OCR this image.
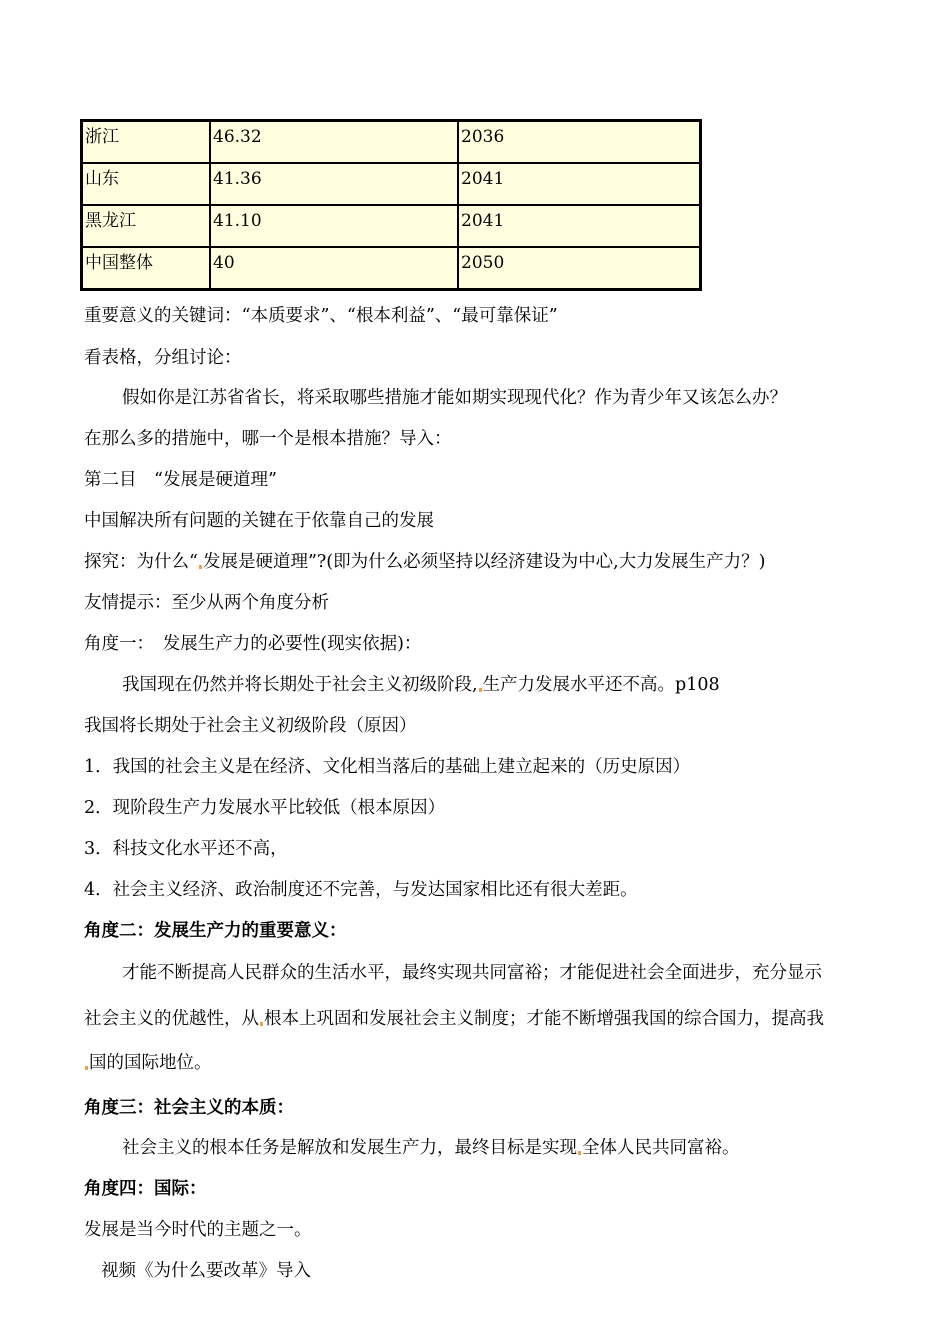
浙江	46.32	2036
山东	41.36	2041
黑龙江	41.10	2041
中国整体	40	2050
重要意义的关键词：“本质要求”、“根本利益”、“最可靠保证”
看表格，分组讨论：
假如你是江苏省省长，将采取哪些措施才能如期实现现代化？作为青少年又该怎么办？
在那么多的措施中，哪一个是根本措施？导入：
第二目　“发展是硬道理”
中国解决所有问题的关键在于依靠自己的发展
探究：为什么“ 发展是硬道理”?(即为什么必须坚持以经济建设为中心,大力发展生产力？)
友情提示：至少从两个角度分析
角度一：　发展生产力的必要性(现实依据)：
我国现在仍然并将长期处于社会主义初级阶段, 生产力发展水平还不高。p108
我国将长期处于社会主义初级阶段（原因）
1．我国的社会主义是在经济、文化相当落后的基础上建立起来的（历史原因）
2．现阶段生产力发展水平比较低（根本原因）
3．科技文化水平还不高，
4．社会主义经济、政治制度还不完善，与发达国家相比还有很大差距。
角度二：发展生产力的重要意义：
才能不断提高人民群众的生活水平，最终实现共同富裕；才能促进社会全面进步，充分显示
社会主义的优越性，从 根本上巩固和发展社会主义制度；才能不断增强我国的综合国力，提高我
国的国际地位。
角度三：社会主义的本质：
社会主义的根本任务是解放和发展生产力，最终目标是实现 全体人民共同富裕。
角度四：国际：
发展是当今时代的主题之一。
视频《为什么要改革》导入
